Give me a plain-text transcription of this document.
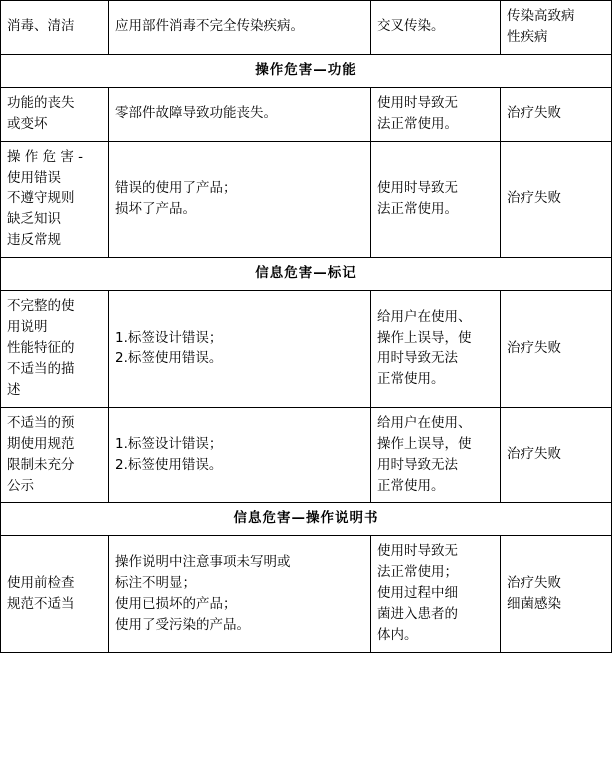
消毒、清洁	应用部件消毒不完全传染疾病。	交叉传染。	传染高致病
性疾病

操作危害—功能			

功能的丧失
或变坏	零部件故障导致功能丧失。	使用时导致无
法正常使用。	治疗失败

操 作 危 害 -
使用错误
不遵守规则
缺乏知识
违反常规	错误的使用了产品；
损坏了产品。	使用时导致无
法正常使用。	治疗失败

信息危害—标记			

不完整的使
用说明
性能特征的
不适当的描
述	1.标签设计错误；
2.标签使用错误。	给用户在使用、
操作上误导，使
用时导致无法
正常使用。	治疗失败

不适当的预
期使用规范
限制未充分
公示	1.标签设计错误；
2.标签使用错误。	给用户在使用、
操作上误导，使
用时导致无法
正常使用。	治疗失败

信息危害—操作说明书			

使用前检查
规范不适当	操作说明中注意事项未写明或
标注不明显；
使用已损坏的产品；
使用了受污染的产品。	使用时导致无
法正常使用；
使用过程中细
菌进入患者的
体内。	治疗失败
细菌感染
